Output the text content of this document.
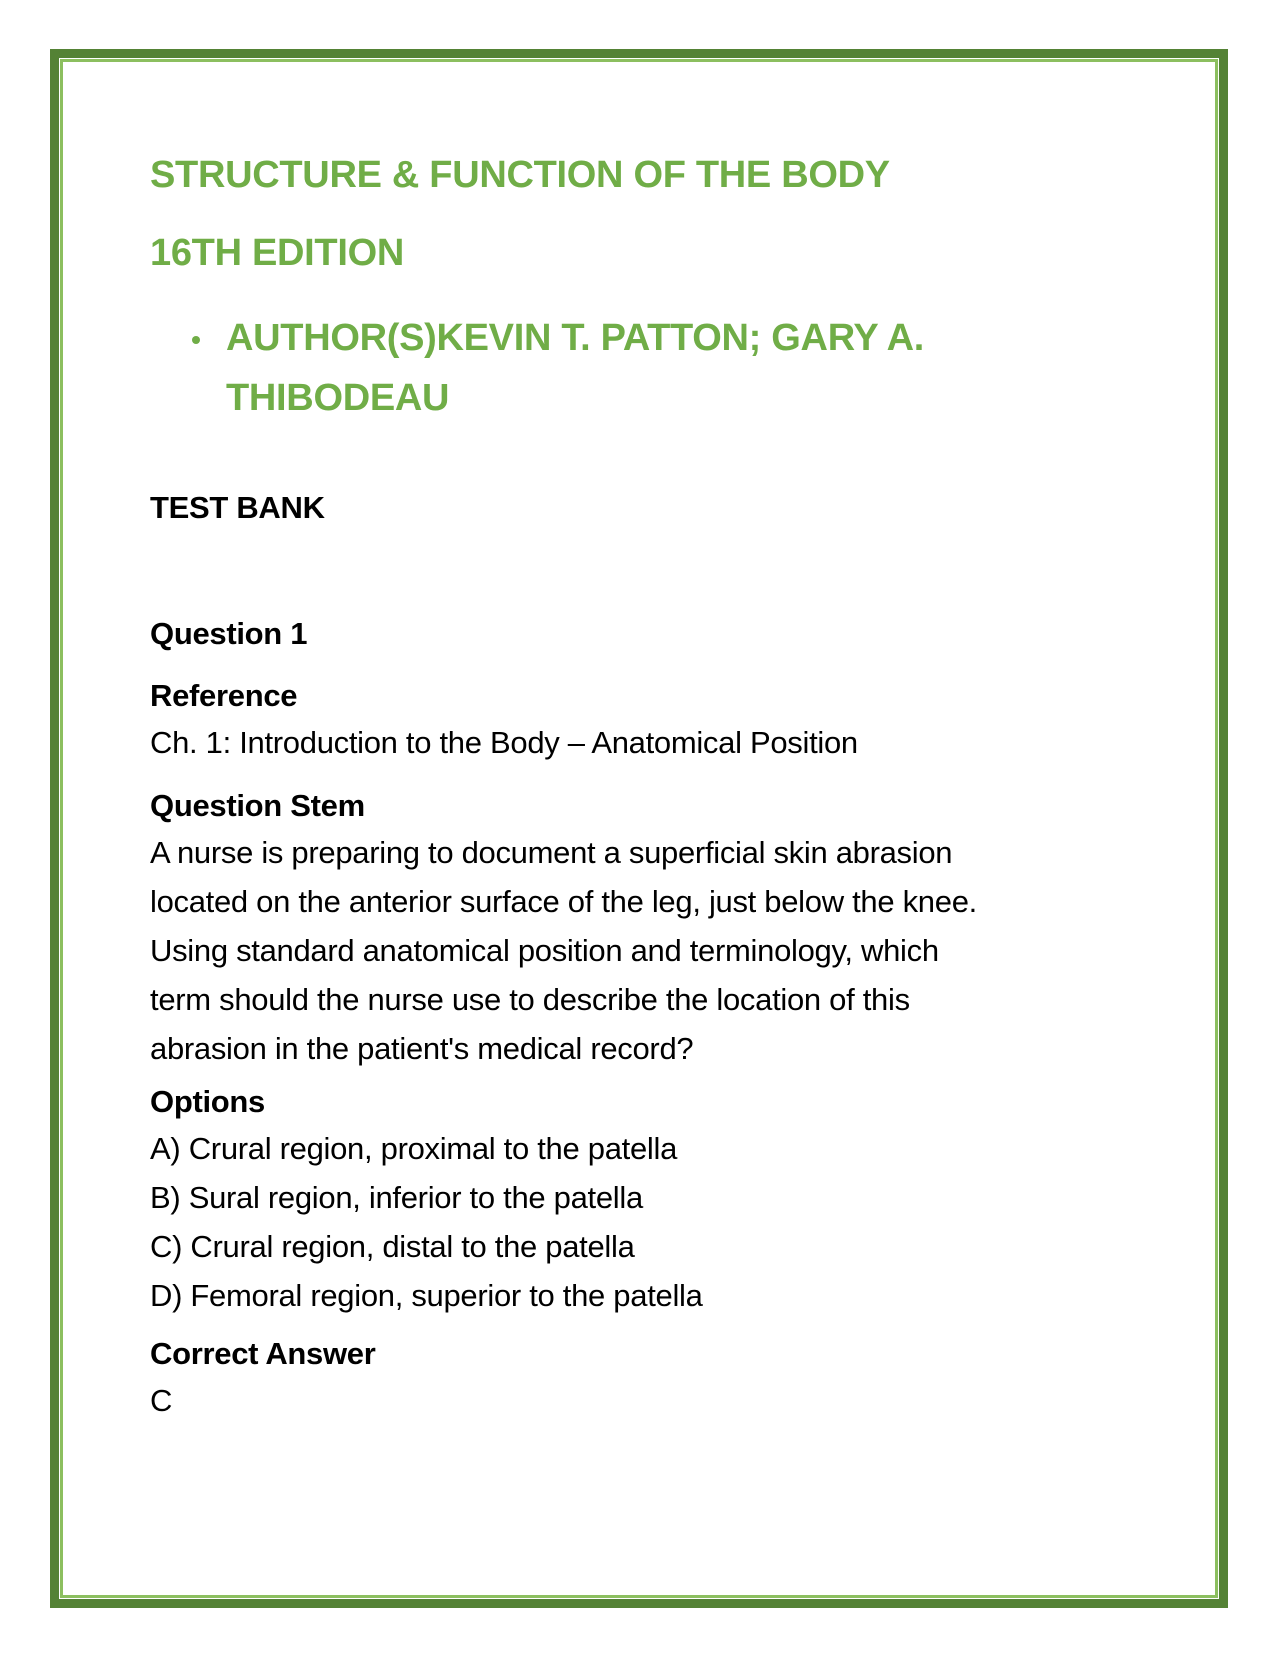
STRUCTURE & FUNCTION OF THE BODY
16TH EDITION
AUTHOR(S)KEVIN T. PATTON; GARY A.
THIBODEAU
TEST BANK
Question 1
Reference
Ch. 1: Introduction to the Body – Anatomical Position
Question Stem
A nurse is preparing to document a superficial skin abrasion
located on the anterior surface of the leg, just below the knee.
Using standard anatomical position and terminology, which
term should the nurse use to describe the location of this
abrasion in the patient's medical record?
Options
A) Crural region, proximal to the patella
B) Sural region, inferior to the patella
C) Crural region, distal to the patella
D) Femoral region, superior to the patella
Correct Answer
C
